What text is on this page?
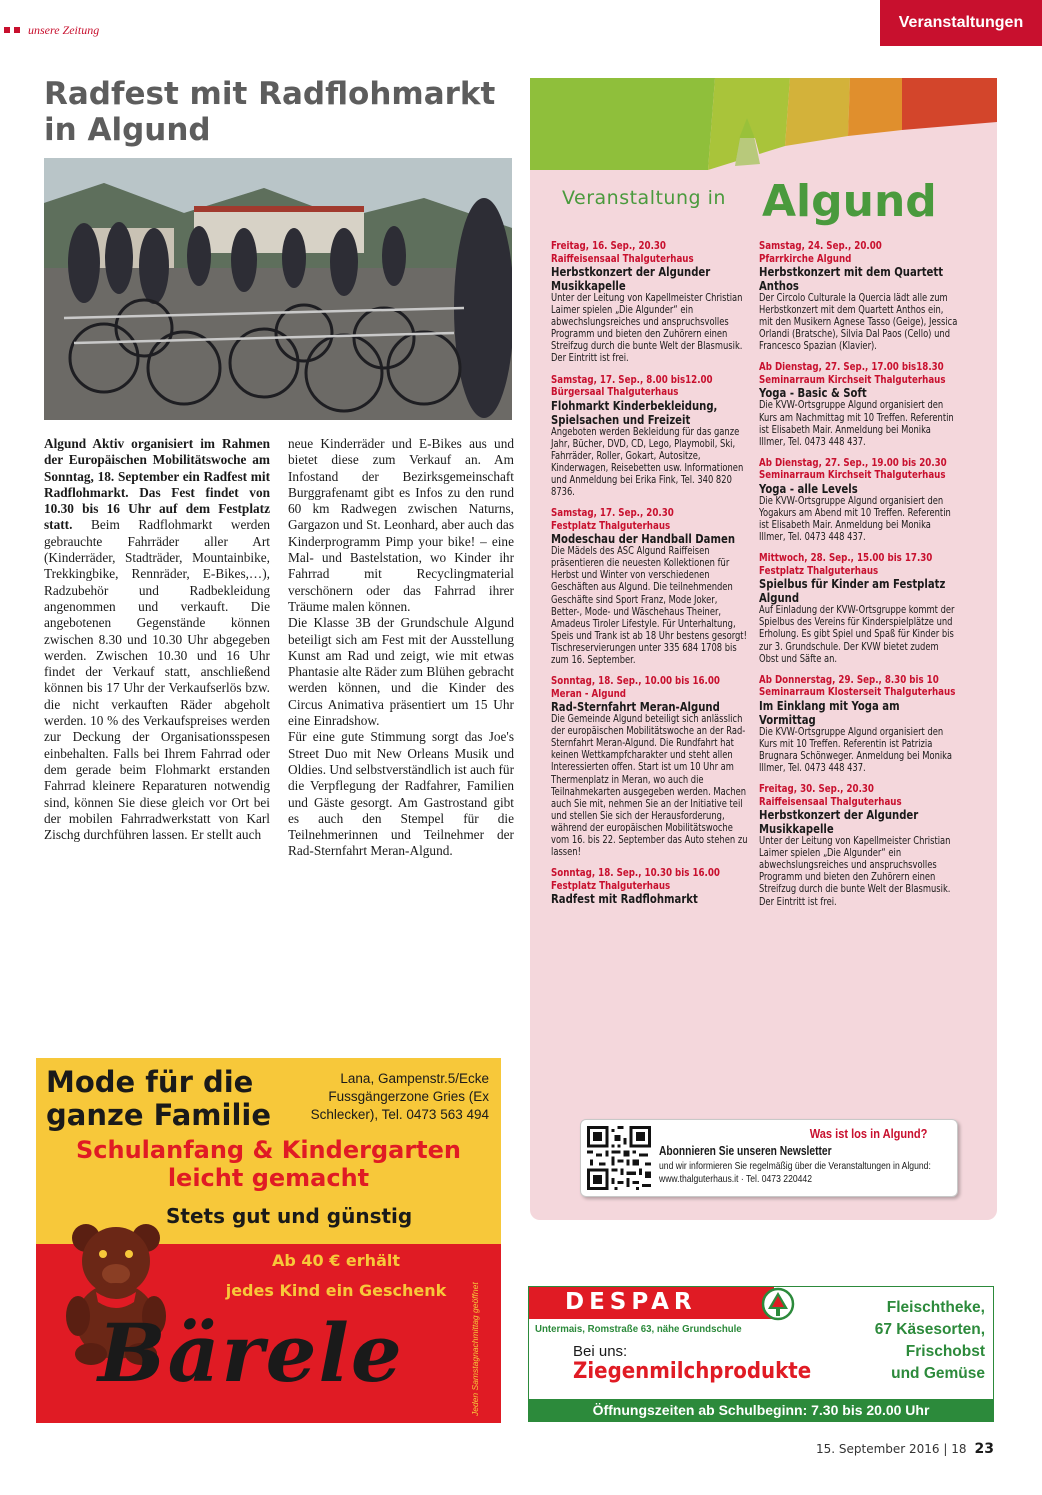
unsere Zeitung	Veranstaltungen
Radfest mit Radflohmarkt in Algund

Algund Aktiv organisiert im Rahmen der Europäischen Mobilitätswoche am Sonntag, 18. September ein Radfest mit Radflohmarkt. Das Fest findet von 10.30 bis 16 Uhr auf dem Festplatz statt. Beim Radflohmarkt werden gebrauchte Fahrräder aller Art (Kinderräder, Stadträder, Mountainbike, Trekkingbike, Rennräder, E-Bikes,…), Radzubehör und Radbekleidung angenommen und verkauft. Die angebotenen Gegenstände können zwischen 8.30 und 10.30 Uhr abgegeben werden. Zwischen 10.30 und 16 Uhr findet der Verkauf statt, anschließend können bis 17 Uhr der Verkaufserlös bzw. die nicht verkauften Räder abgeholt werden. 10 % des Verkaufspreises werden zur Deckung der Organisationsspesen einbehalten. Falls bei Ihrem Fahrrad oder dem gerade beim Flohmarkt erstanden Fahrrad kleinere Reparaturen notwendig sind, können Sie diese gleich vor Ort bei der mobilen Fahrradwerkstatt von Karl Zischg durchführen lassen. Er stellt auch

neue Kinderräder und E-Bikes aus und bietet diese zum Verkauf an. Am Infostand der Bezirksgemeinschaft Burggrafenamt gibt es Infos zu den rund 60 km Radwegen zwischen Naturns, Gargazon und St. Leonhard, aber auch das Kinderprogramm Pimp your bike! – eine Mal- und Bastelstation, wo Kinder ihr Fahrrad mit Recyclingmaterial verschönern oder das Fahrrad ihrer Träume malen können.

Die Klasse 3B der Grundschule Algund beteiligt sich am Fest mit der Ausstellung Kunst am Rad und zeigt, wie mit etwas Phantasie alte Räder zum Blühen gebracht werden können, und die Kinder des Circus Animativa präsentiert um 15 Uhr eine Einradshow.

Für eine gute Stimmung sorgt das Joe's Street Duo mit New Orleans Musik und Oldies. Und selbstverständlich ist auch für die Verpflegung der Radfahrer, Familien und Gäste gesorgt. Am Gastrostand gibt es auch den Stempel für die Teilnehmerinnen und Teilnehmer der Rad-Sternfahrt Meran-Algund.

Veranstaltung in Algund
Freitag, 16. Sep., 20.30
Raiffeisensaal Thalguterhaus
Herbstkonzert der Algunder Musikkapelle
Unter der Leitung von Kapellmeister Christian Laimer spielen „Die Algunder“ ein abwechslungsreiches und anspruchsvolles Programm und bieten den Zuhörern einen Streifzug durch die bunte Welt der Blasmusik. Der Eintritt ist frei.
Samstag, 17. Sep., 8.00 bis12.00
Bürgersaal Thalguterhaus
Flohmarkt Kinderbekleidung, Spielsachen und Freizeit
Angeboten werden Bekleidung für das ganze Jahr, Bücher, DVD, CD, Lego, Playmobil, Ski, Fahrräder, Roller, Gokart, Autositze, Kinderwagen, Reisebetten usw. Informationen und Anmeldung bei Erika Fink, Tel. 340 820 8736.
Samstag, 17. Sep., 20.30
Festplatz Thalguterhaus
Modeschau der Handball Damen
Die Mädels des ASC Algund Raiffeisen präsentieren die neuesten Kollektionen für Herbst und Winter von verschiedenen Geschäften aus Algund. Die teilnehmenden Geschäfte sind Sport Franz, Mode Joker, Better-, Mode- und Wäschehaus Theiner, Amadeus Tiroler Lifestyle. Für Unterhaltung, Speis und Trank ist ab 18 Uhr bestens gesorgt! Tischreservierungen unter 335 684 1708 bis zum 16. September.
Sonntag, 18. Sep., 10.00 bis 16.00
Meran - Algund
Rad-Sternfahrt Meran-Algund
Die Gemeinde Algund beteiligt sich anlässlich der europäischen Mobilitätswoche an der Rad-Sternfahrt Meran-Algund. Die Rundfahrt hat keinen Wettkampfcharakter und steht allen Interessierten offen. Start ist um 10 Uhr am Thermenplatz in Meran, wo auch die Teilnahmekarten ausgegeben werden. Machen auch Sie mit, nehmen Sie an der Initiative teil und stellen Sie sich der Herausforderung, während der europäischen Mobilitätswoche vom 16. bis 22. September das Auto stehen zu lassen!
Sonntag, 18. Sep., 10.30 bis 16.00
Festplatz Thalguterhaus
Radfest mit Radflohmarkt
Samstag, 24. Sep., 20.00
Pfarrkirche Algund
Herbstkonzert mit dem Quartett Anthos
Der Circolo Culturale la Quercia lädt alle zum Herbstkonzert mit dem Quartett Anthos ein, mit den Musikern Agnese Tasso (Geige), Jessica Orlandi (Bratsche), Silvia Dal Paos (Cello) und Francesco Spazian (Klavier).
Ab Dienstag, 27. Sep., 17.00 bis18.30
Seminarraum Kirchseit Thalguterhaus
Yoga - Basic & Soft
Die KVW-Ortsgruppe Algund organisiert den Kurs am Nachmittag mit 10 Treffen. Referentin ist Elisabeth Mair. Anmeldung bei Monika Illmer, Tel. 0473 448 437.
Ab Dienstag, 27. Sep., 19.00 bis 20.30
Seminarraum Kirchseit Thalguterhaus
Yoga - alle Levels
Die KVW-Ortsgruppe Algund organisiert den Yogakurs am Abend mit 10 Treffen. Referentin ist Elisabeth Mair. Anmeldung bei Monika Illmer, Tel. 0473 448 437.
Mittwoch, 28. Sep., 15.00 bis 17.30
Festplatz Thalguterhaus
Spielbus für Kinder am Festplatz Algund
Auf Einladung der KVW-Ortsgruppe kommt der Spielbus des Vereins für Kinderspielplätze und Erholung. Es gibt Spiel und Spaß für Kinder bis zur 3. Grundschule. Der KVW bietet zudem Obst und Säfte an.
Ab Donnerstag, 29. Sep., 8.30 bis 10
Seminarraum Klosterseit Thalguterhaus
Im Einklang mit Yoga am Vormittag
Die KVW-Ortsgruppe Algund organisiert den Kurs mit 10 Treffen. Referentin ist Patrizia Brugnara Schönweger. Anmeldung bei Monika Illmer, Tel. 0473 448 437.
Freitag, 30. Sep., 20.30
Raiffeisensaal Thalguterhaus
Herbstkonzert der Algunder Musikkapelle
Unter der Leitung von Kapellmeister Christian Laimer spielen „Die Algunder“ ein abwechslungsreiches und anspruchsvolles Programm und bieten den Zuhörern einen Streifzug durch die bunte Welt der Blasmusik. Der Eintritt ist frei.
Was ist los in Algund?
Abonnieren Sie unseren Newsletter
und wir informieren Sie regelmäßig über die Veranstaltungen in Algund: www.thalguterhaus.it · Tel. 0473 220442
Mode für die ganze Familie
Lana, Gampenstr.5/Ecke Fussgängerzone Gries (Ex Schlecker), Tel. 0473 563 494
Schulanfang & Kindergarten leicht gemacht
Stets gut und günstig
Ab 40 € erhält
jedes Kind ein Geschenk
Bärele	Jeden Samstagnachmittag geöffnet	DESPAR
Untermais, Romstraße 63, nähe Grundschule
Bei uns:
Ziegenmilchprodukte
Fleischtheke,
67 Käsesorten,
Frischobst
und Gemüse
Öffnungszeiten ab Schulbeginn: 7.30 bis 20.00 Uhr
15. September 2016 | 18 23
